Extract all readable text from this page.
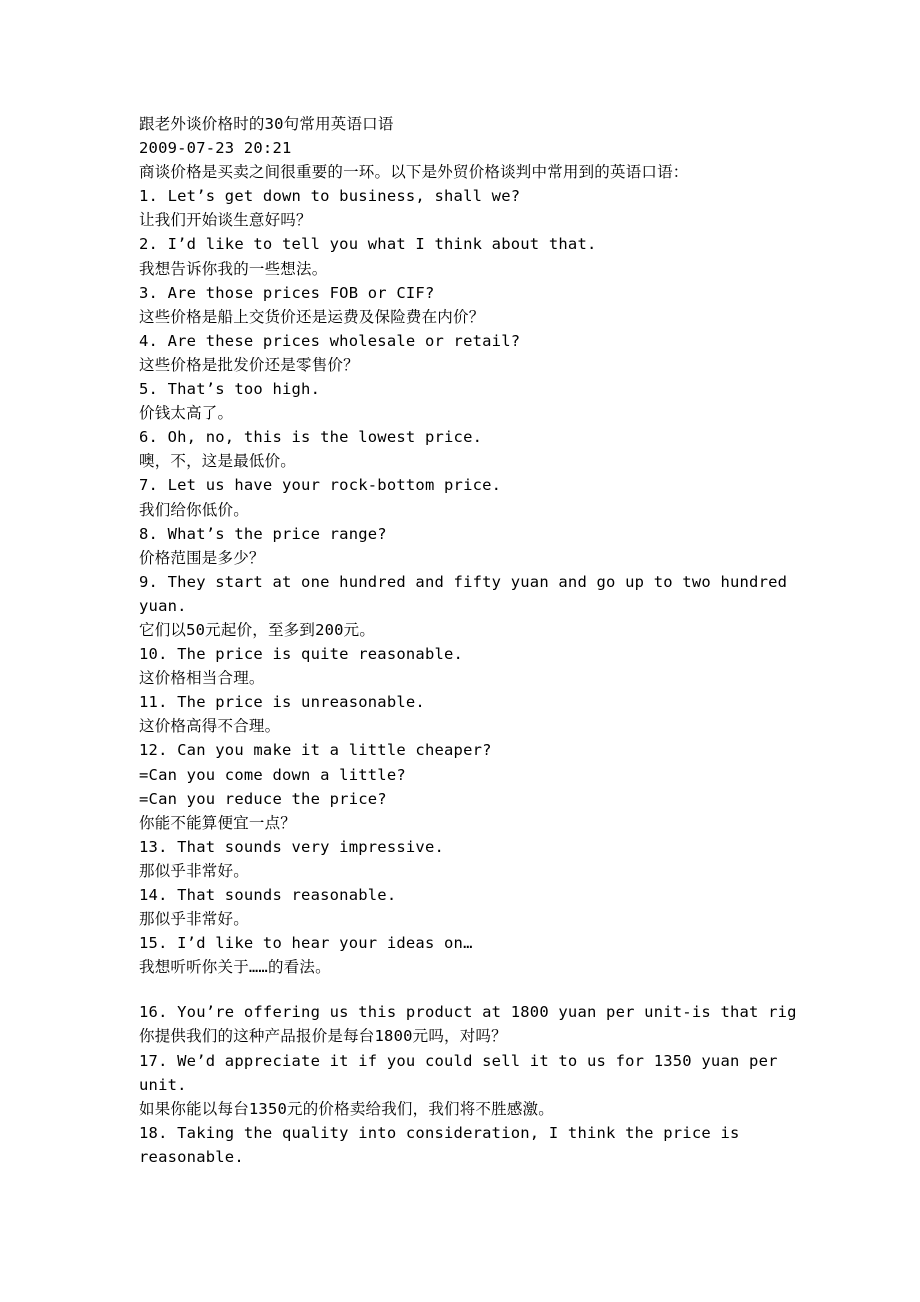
跟老外谈价格时的30句常用英语口语
2009-07-23 20:21
商谈价格是买卖之间很重要的一环。以下是外贸价格谈判中常用到的英语口语：
1. Let’s get down to business, shall we?
让我们开始谈生意好吗？
2. I’d like to tell you what I think about that.
我想告诉你我的一些想法。
3. Are those prices FOB or CIF?
这些价格是船上交货价还是运费及保险费在内价？
4. Are these prices wholesale or retail?
这些价格是批发价还是零售价？
5. That’s too high.
价钱太高了。
6. Oh, no, this is the lowest price.
噢，不，这是最低价。
7. Let us have your rock-bottom price.
我们给你低价。
8. What’s the price range?
价格范围是多少？
9. They start at one hundred and fifty yuan and go up to two hundred yuan.
它们以50元起价，至多到200元。
10. The price is quite reasonable.
这价格相当合理。
11. The price is unreasonable.
这价格高得不合理。
12. Can you make it a little cheaper?
=Can you come down a little?
=Can you reduce the price?
你能不能算便宜一点？
13. That sounds very impressive.
那似乎非常好。
14. That sounds reasonable.
那似乎非常好。
15. I’d like to hear your ideas on…
我想听听你关于……的看法。
16. You’re offering us this product at 1800 yuan per unit-is that rig
你提供我们的这种产品报价是每台1800元吗，对吗？
17. We’d appreciate it if you could sell it to us for 1350 yuan per unit.
如果你能以每台1350元的价格卖给我们，我们将不胜感激。
18. Taking the quality into consideration, I think the price is reasonable.
